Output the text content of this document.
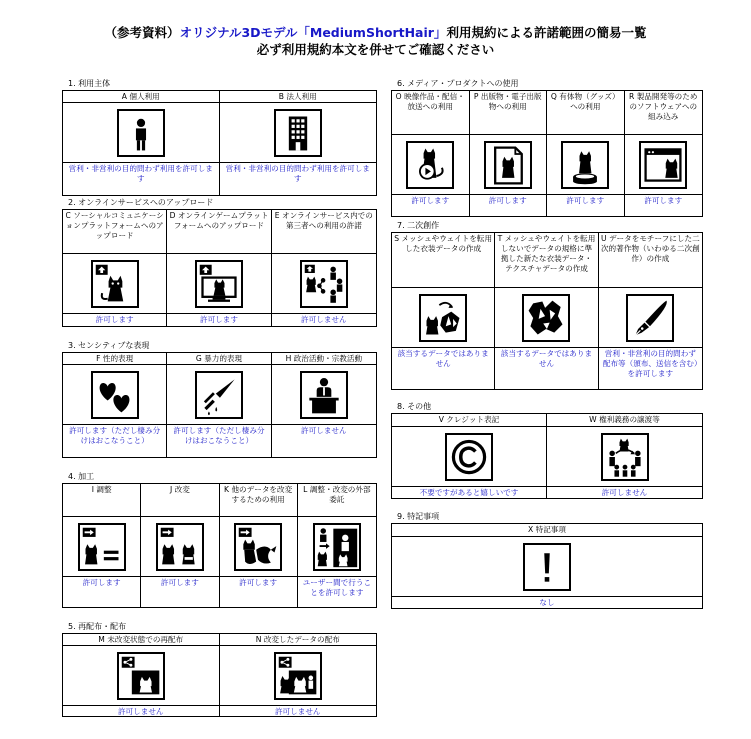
（参考資料）オリジナル3Dモデル「MediumShortHair」利用規約による許諾範囲の簡易一覧
必ず利用規約本文を併せてご確認ください
1. 利用主体
A 個人利用
営利・非営利の目的問わず利用を許可します
B 法人利用
営利・非営利の目的問わず利用を許可します
2. オンラインサービスへのアップロード
C ソーシャルコミュニケーションプラットフォームへのアップロード
許可します
D オンラインゲームプラットフォームへのアップロード
許可します
E オンラインサービス内での第三者への利用の許諾
許可しません
3. センシティブな表現
F 性的表現
許可します（ただし棲み分けはおこなうこと）
G 暴力的表現
許可します（ただし棲み分けはおこなうこと）
H 政治活動・宗教活動
許可しません
4. 加工
I 調整
許可します
J 改変
許可します
K 他のデータを改変するための利用
許可します
L 調整・改変の外部委託
ユーザー間で行うことを許可します
5. 再配布・配布
M 未改変状態での再配布
許可しません
N 改変したデータの配布
許可しません
6. メディア・プロダクトへの使用
O 映像作品・配信・放送への利用
許可します
P 出版物・電子出版物への利用
許可します
Q 有体物（グッズ）への利用
許可します
R 製品開発等のためのソフトウェアへの組み込み
許可します
7. 二次創作
S メッシュやウェイトを転用した衣装データの作成
該当するデータではありません
T メッシュやウェイトを転用しないでデータの規格に準拠した新たな衣装データ・テクスチャデータの作成
該当するデータではありません
U データをモチーフにした二次的著作物（いわゆる二次創作）の作成
営利・非営利の目的問わず配布等（頒布、送信を含む）を許可します
8. その他
V クレジット表記
不要ですがあると嬉しいです
W 権利義務の譲渡等
許可しません
9. 特記事項
X 特記事項
なし
